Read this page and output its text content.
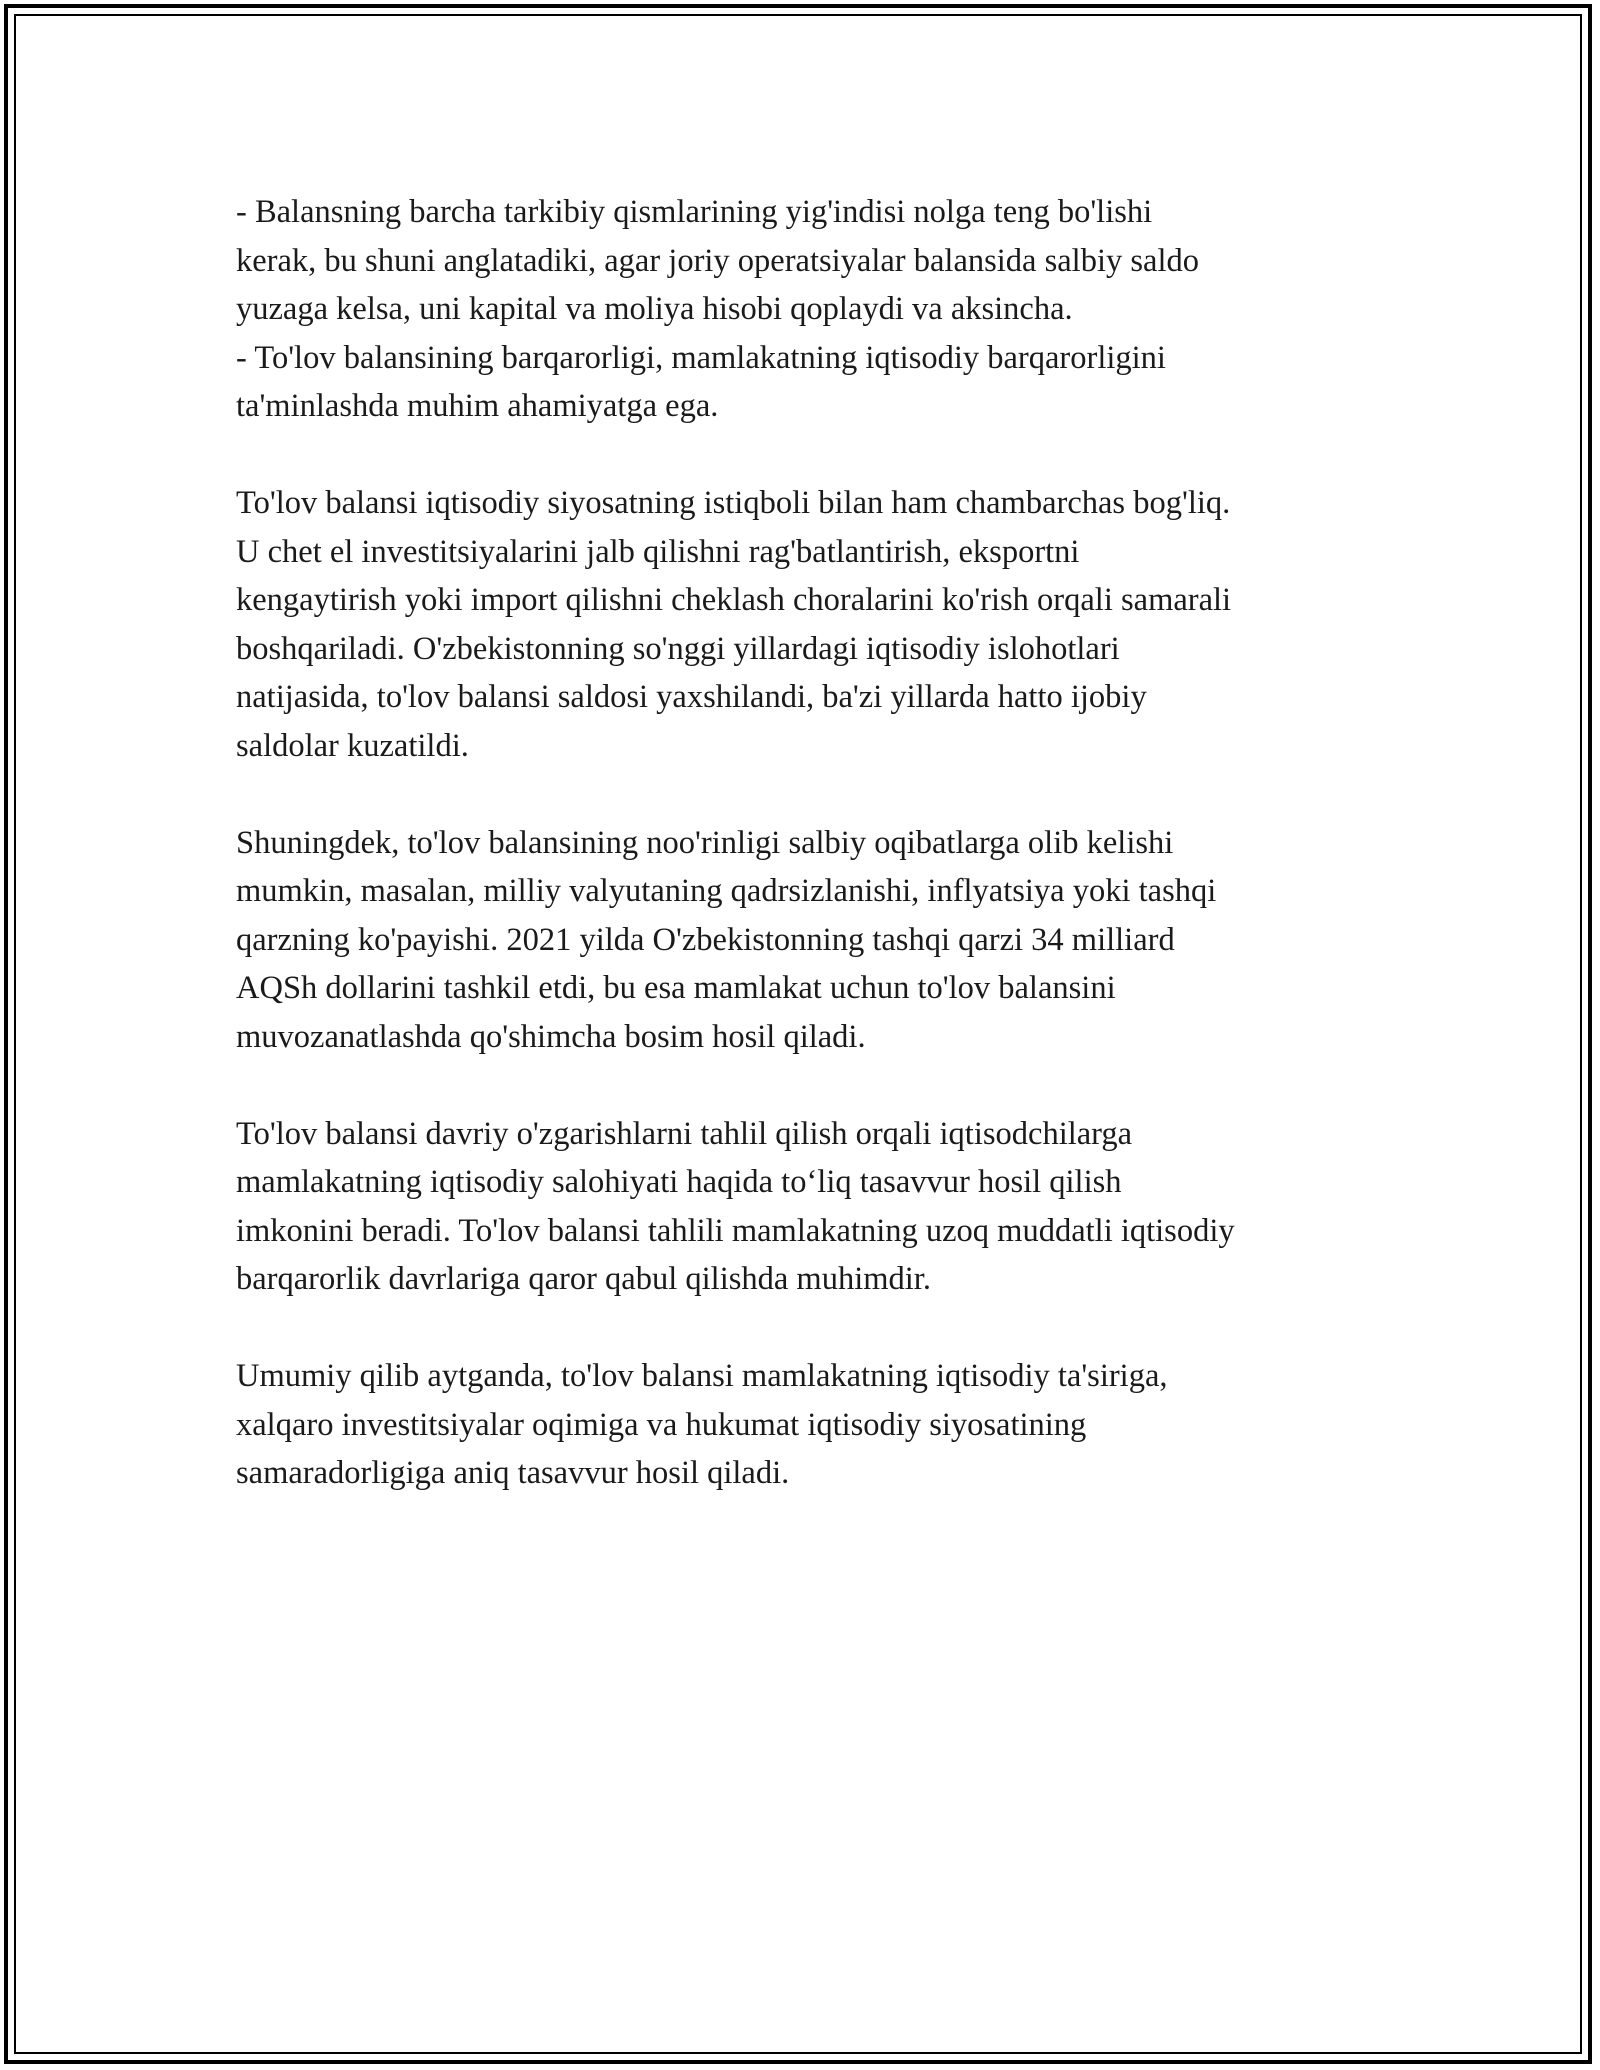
- Balansning barcha tarkibiy qismlarining yig'indisi nolga teng bo'lishi
kerak, bu shuni anglatadiki, agar joriy operatsiyalar balansida salbiy saldo
yuzaga kelsa, uni kapital va moliya hisobi qoplaydi va aksincha.
- To'lov balansining barqarorligi, mamlakatning iqtisodiy barqarorligini
ta'minlashda muhim ahamiyatga ega.

To'lov balansi iqtisodiy siyosatning istiqboli bilan ham chambarchas bog'liq.
U chet el investitsiyalarini jalb qilishni rag'batlantirish, eksportni
kengaytirish yoki import qilishni cheklash choralarini ko'rish orqali samarali
boshqariladi. O'zbekistonning so'nggi yillardagi iqtisodiy islohotlari
natijasida, to'lov balansi saldosi yaxshilandi, ba'zi yillarda hatto ijobiy
saldolar kuzatildi.

Shuningdek, to'lov balansining noo'rinligi salbiy oqibatlarga olib kelishi
mumkin, masalan, milliy valyutaning qadrsizlanishi, inflyatsiya yoki tashqi
qarzning ko'payishi. 2021 yilda O'zbekistonning tashqi qarzi 34 milliard
AQSh dollarini tashkil etdi, bu esa mamlakat uchun to'lov balansini
muvozanatlashda qo'shimcha bosim hosil qiladi.

To'lov balansi davriy o'zgarishlarni tahlil qilish orqali iqtisodchilarga
mamlakatning iqtisodiy salohiyati haqida to‘liq tasavvur hosil qilish
imkonini beradi. To'lov balansi tahlili mamlakatning uzoq muddatli iqtisodiy
barqarorlik davrlariga qaror qabul qilishda muhimdir.

Umumiy qilib aytganda, to'lov balansi mamlakatning iqtisodiy ta'siriga,
xalqaro investitsiyalar oqimiga va hukumat iqtisodiy siyosatining
samaradorligiga aniq tasavvur hosil qiladi.
